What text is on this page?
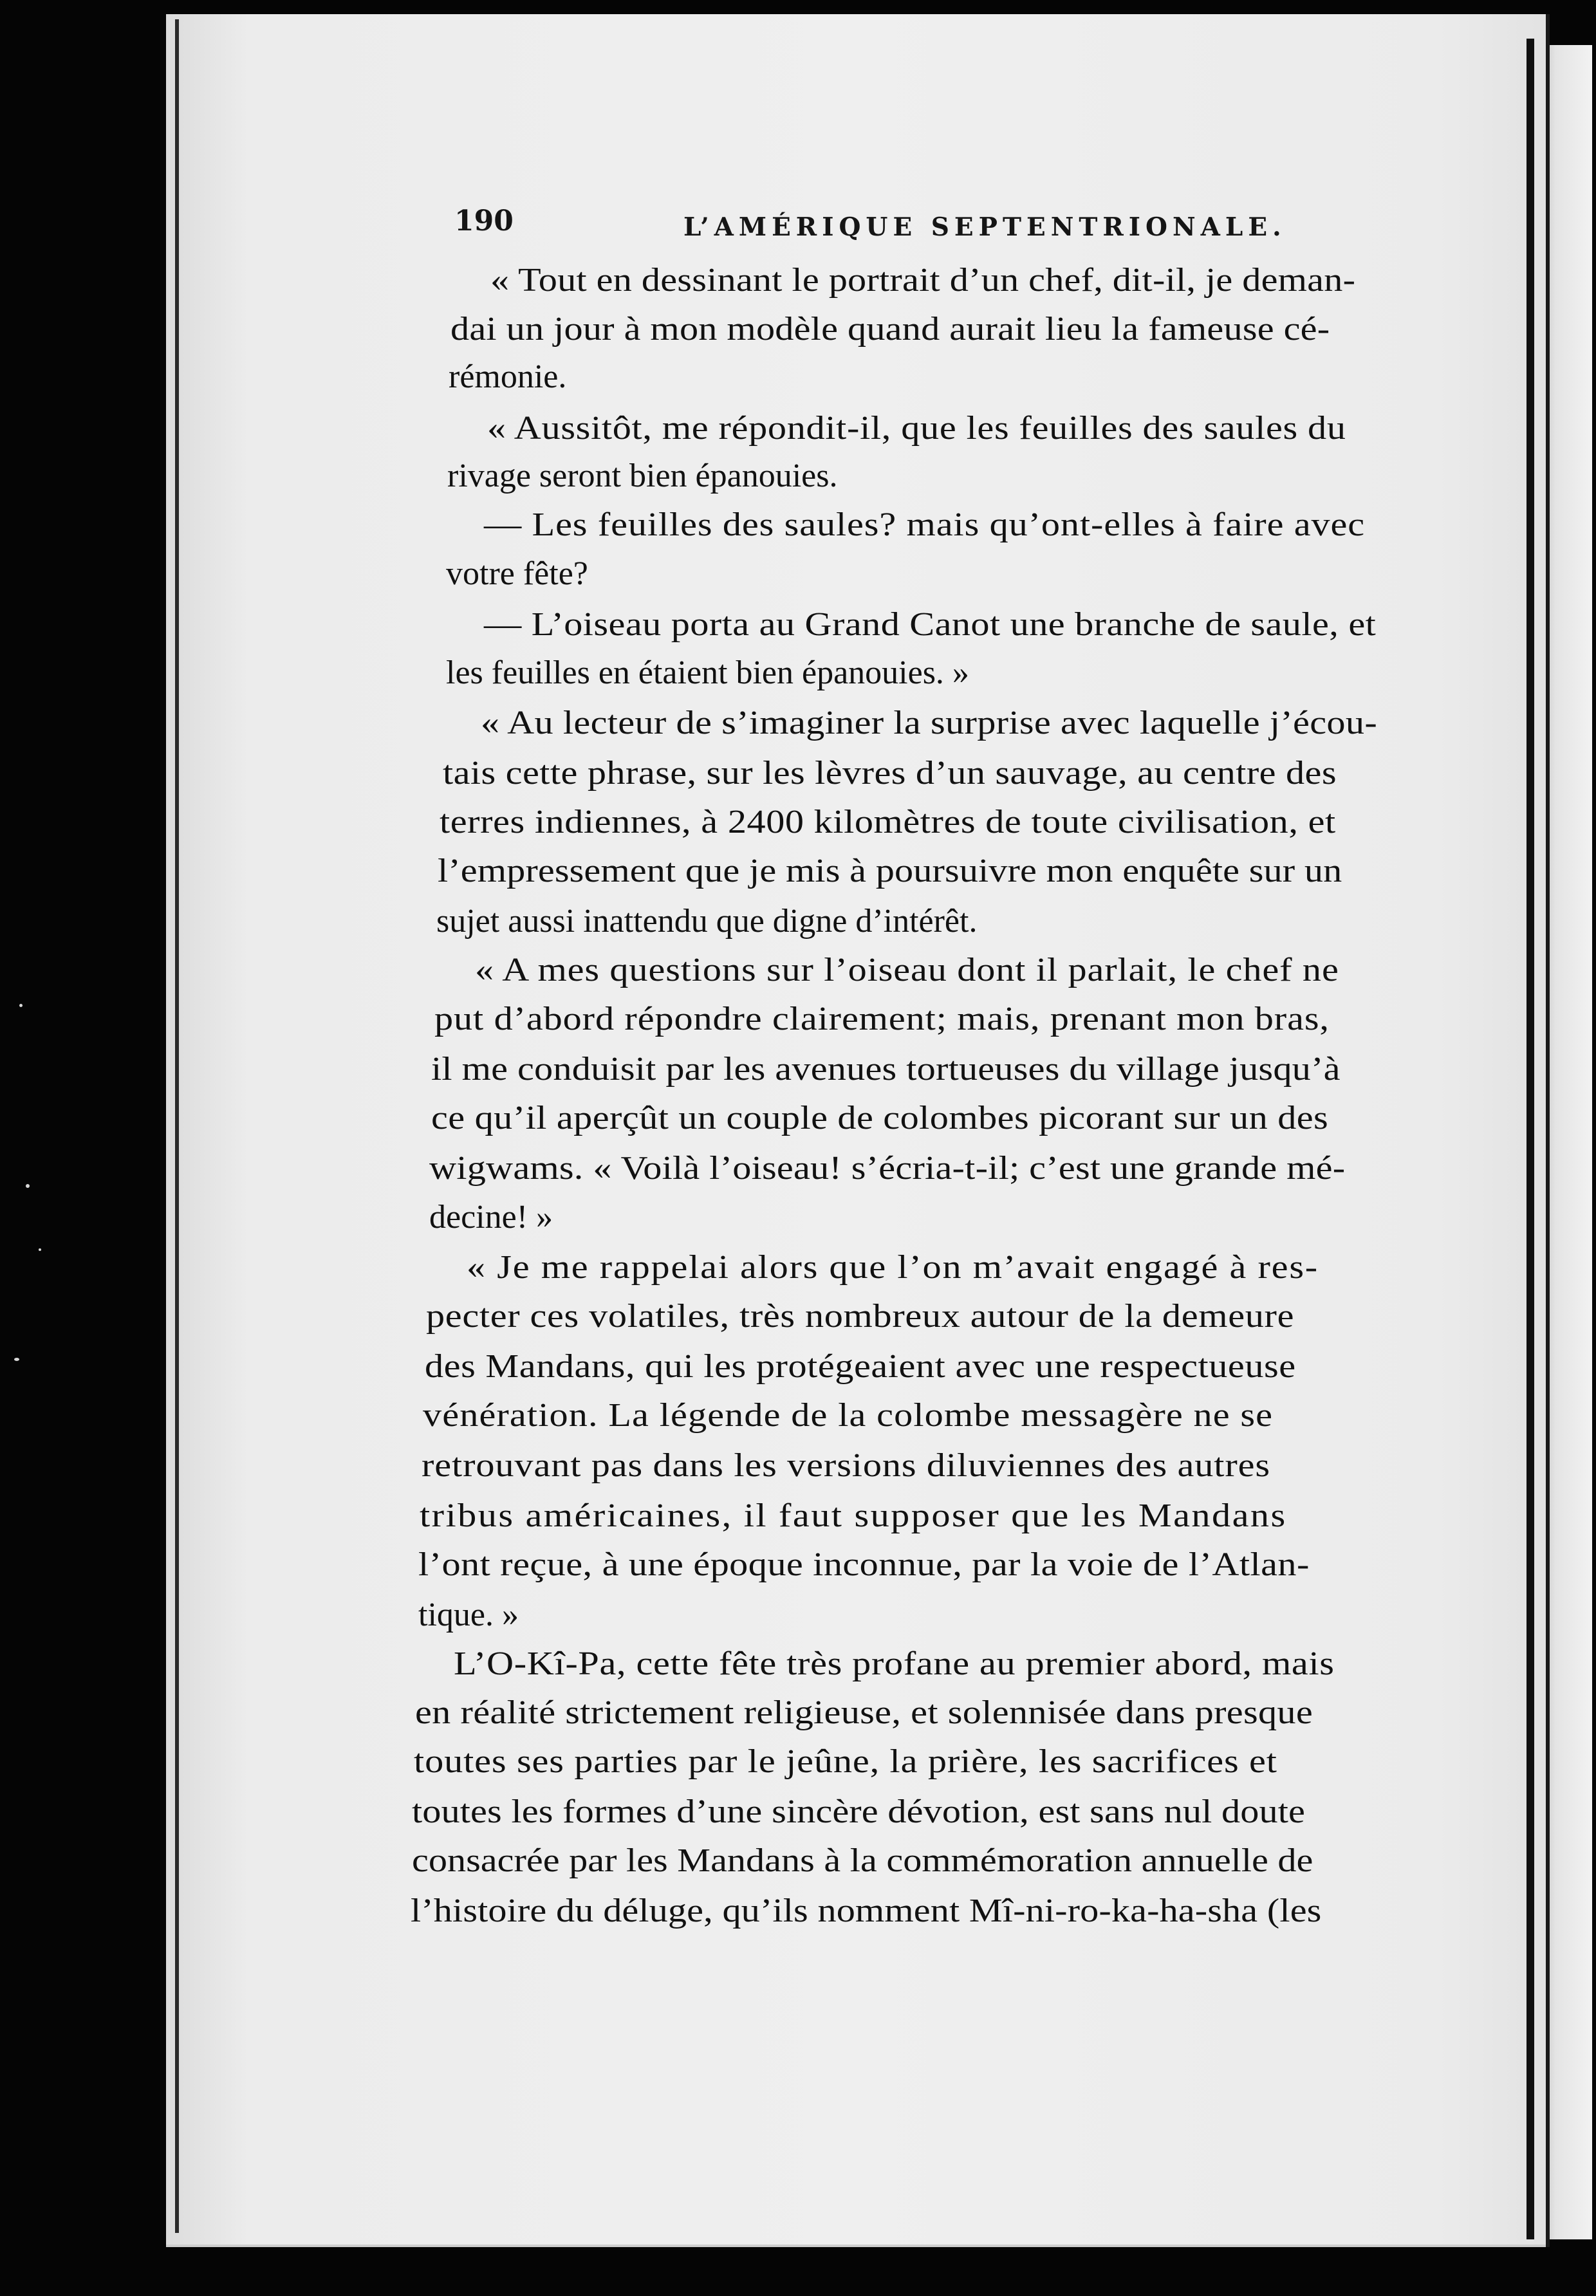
190	L’AMÉRIQUE SEPTENTRIONALE.
« Tout en dessinant le portrait d’un chef, dit-il, je deman-
dai un jour à mon modèle quand aurait lieu la fameuse cé-
rémonie.
« Aussitôt, me répondit-il, que les feuilles des saules du
rivage seront bien épanouies.
— Les feuilles des saules? mais qu’ont-elles à faire avec
votre fête?
— L’oiseau porta au Grand Canot une branche de saule, et
les feuilles en étaient bien épanouies. »
« Au lecteur de s’imaginer la surprise avec laquelle j’écou-
tais cette phrase, sur les lèvres d’un sauvage, au centre des
terres indiennes, à 2400 kilomètres de toute civilisation, et
l’empressement que je mis à poursuivre mon enquête sur un
sujet aussi inattendu que digne d’intérêt.
« A mes questions sur l’oiseau dont il parlait, le chef ne
put d’abord répondre clairement; mais, prenant mon bras,
il me conduisit par les avenues tortueuses du village jusqu’à
ce qu’il aperçût un couple de colombes picorant sur un des
wigwams. « Voilà l’oiseau! s’écria-t-il; c’est une grande mé-
decine! »
« Je me rappelai alors que l’on m’avait engagé à res-
pecter ces volatiles, très nombreux autour de la demeure
des Mandans, qui les protégeaient avec une respectueuse
vénération. La légende de la colombe messagère ne se
retrouvant pas dans les versions diluviennes des autres
tribus américaines, il faut supposer que les Mandans
l’ont reçue, à une époque inconnue, par la voie de l’Atlan-
tique. »
L’O-Kî-Pa, cette fête très profane au premier abord, mais
en réalité strictement religieuse, et solennisée dans presque
toutes ses parties par le jeûne, la prière, les sacrifices et
toutes les formes d’une sincère dévotion, est sans nul doute
consacrée par les Mandans à la commémoration annuelle de
l’histoire du déluge, qu’ils nomment Mî-ni-ro-ka-ha-sha (les
